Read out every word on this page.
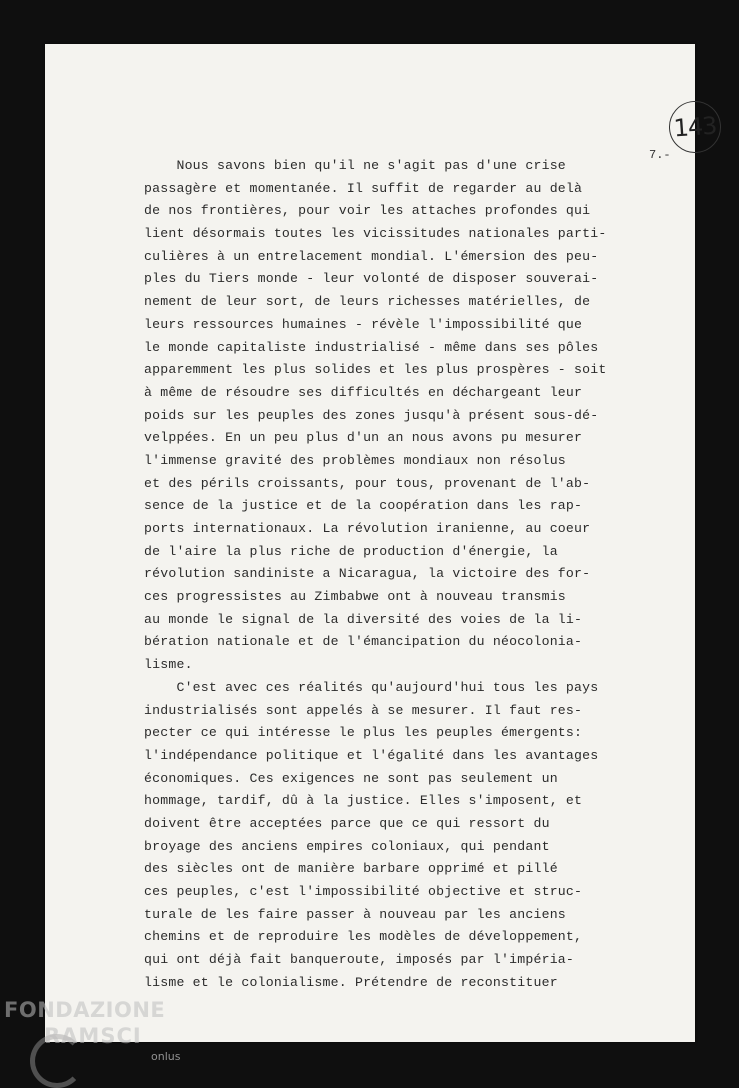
143
7.-
Nous savons bien qu'il ne s'agit pas d'une crise
passagère et momentanée. Il suffit de regarder au delà
de nos frontières, pour voir les attaches profondes qui
lient désormais toutes les vicissitudes nationales parti-
culières à un entrelacement mondial. L'émersion des peu-
ples du Tiers monde - leur volonté de disposer souverai-
nement de leur sort, de leurs richesses matérielles, de
leurs ressources humaines - révèle l'impossibilité que
le monde capitaliste industrialisé - même dans ses pôles
apparemment les plus solides et les plus prospères - soit
à même de résoudre ses difficultés en déchargeant leur
poids sur les peuples des zones jusqu'à présent sous-dé-
velppées. En un peu plus d'un an nous avons pu mesurer
l'immense gravité des problèmes mondiaux non résolus
et des périls croissants, pour tous, provenant de l'ab-
sence de la justice et de la coopération dans les rap-
ports internationaux. La révolution iranienne, au coeur
de l'aire la plus riche de production d'énergie, la
révolution sandiniste a Nicaragua, la victoire des for-
ces progressistes au Zimbabwe ont à nouveau transmis
au monde le signal de la diversité des voies de la li-
bération nationale et de l'émancipation du néocolonia-
lisme.
C'est avec ces réalités qu'aujourd'hui tous les pays
industrialisés sont appelés à se mesurer. Il faut res-
pecter ce qui intéresse le plus les peuples émergents:
l'indépendance politique et l'égalité dans les avantages
économiques. Ces exigences ne sont pas seulement un
hommage, tardif, dû à la justice. Elles s'imposent, et
doivent être acceptées parce que ce qui ressort du
broyage des anciens empires coloniaux, qui pendant
des siècles ont de manière barbare opprimé et pillé
ces peuples, c'est l'impossibilité objective et struc-
turale de les faire passer à nouveau par les anciens
chemins et de reproduire les modèles de développement,
qui ont déjà fait banqueroute, imposés par l'impéria-
lisme et le colonialisme. Prétendre de reconstituer
FONDAZIONE
RAMSCI
onlus
